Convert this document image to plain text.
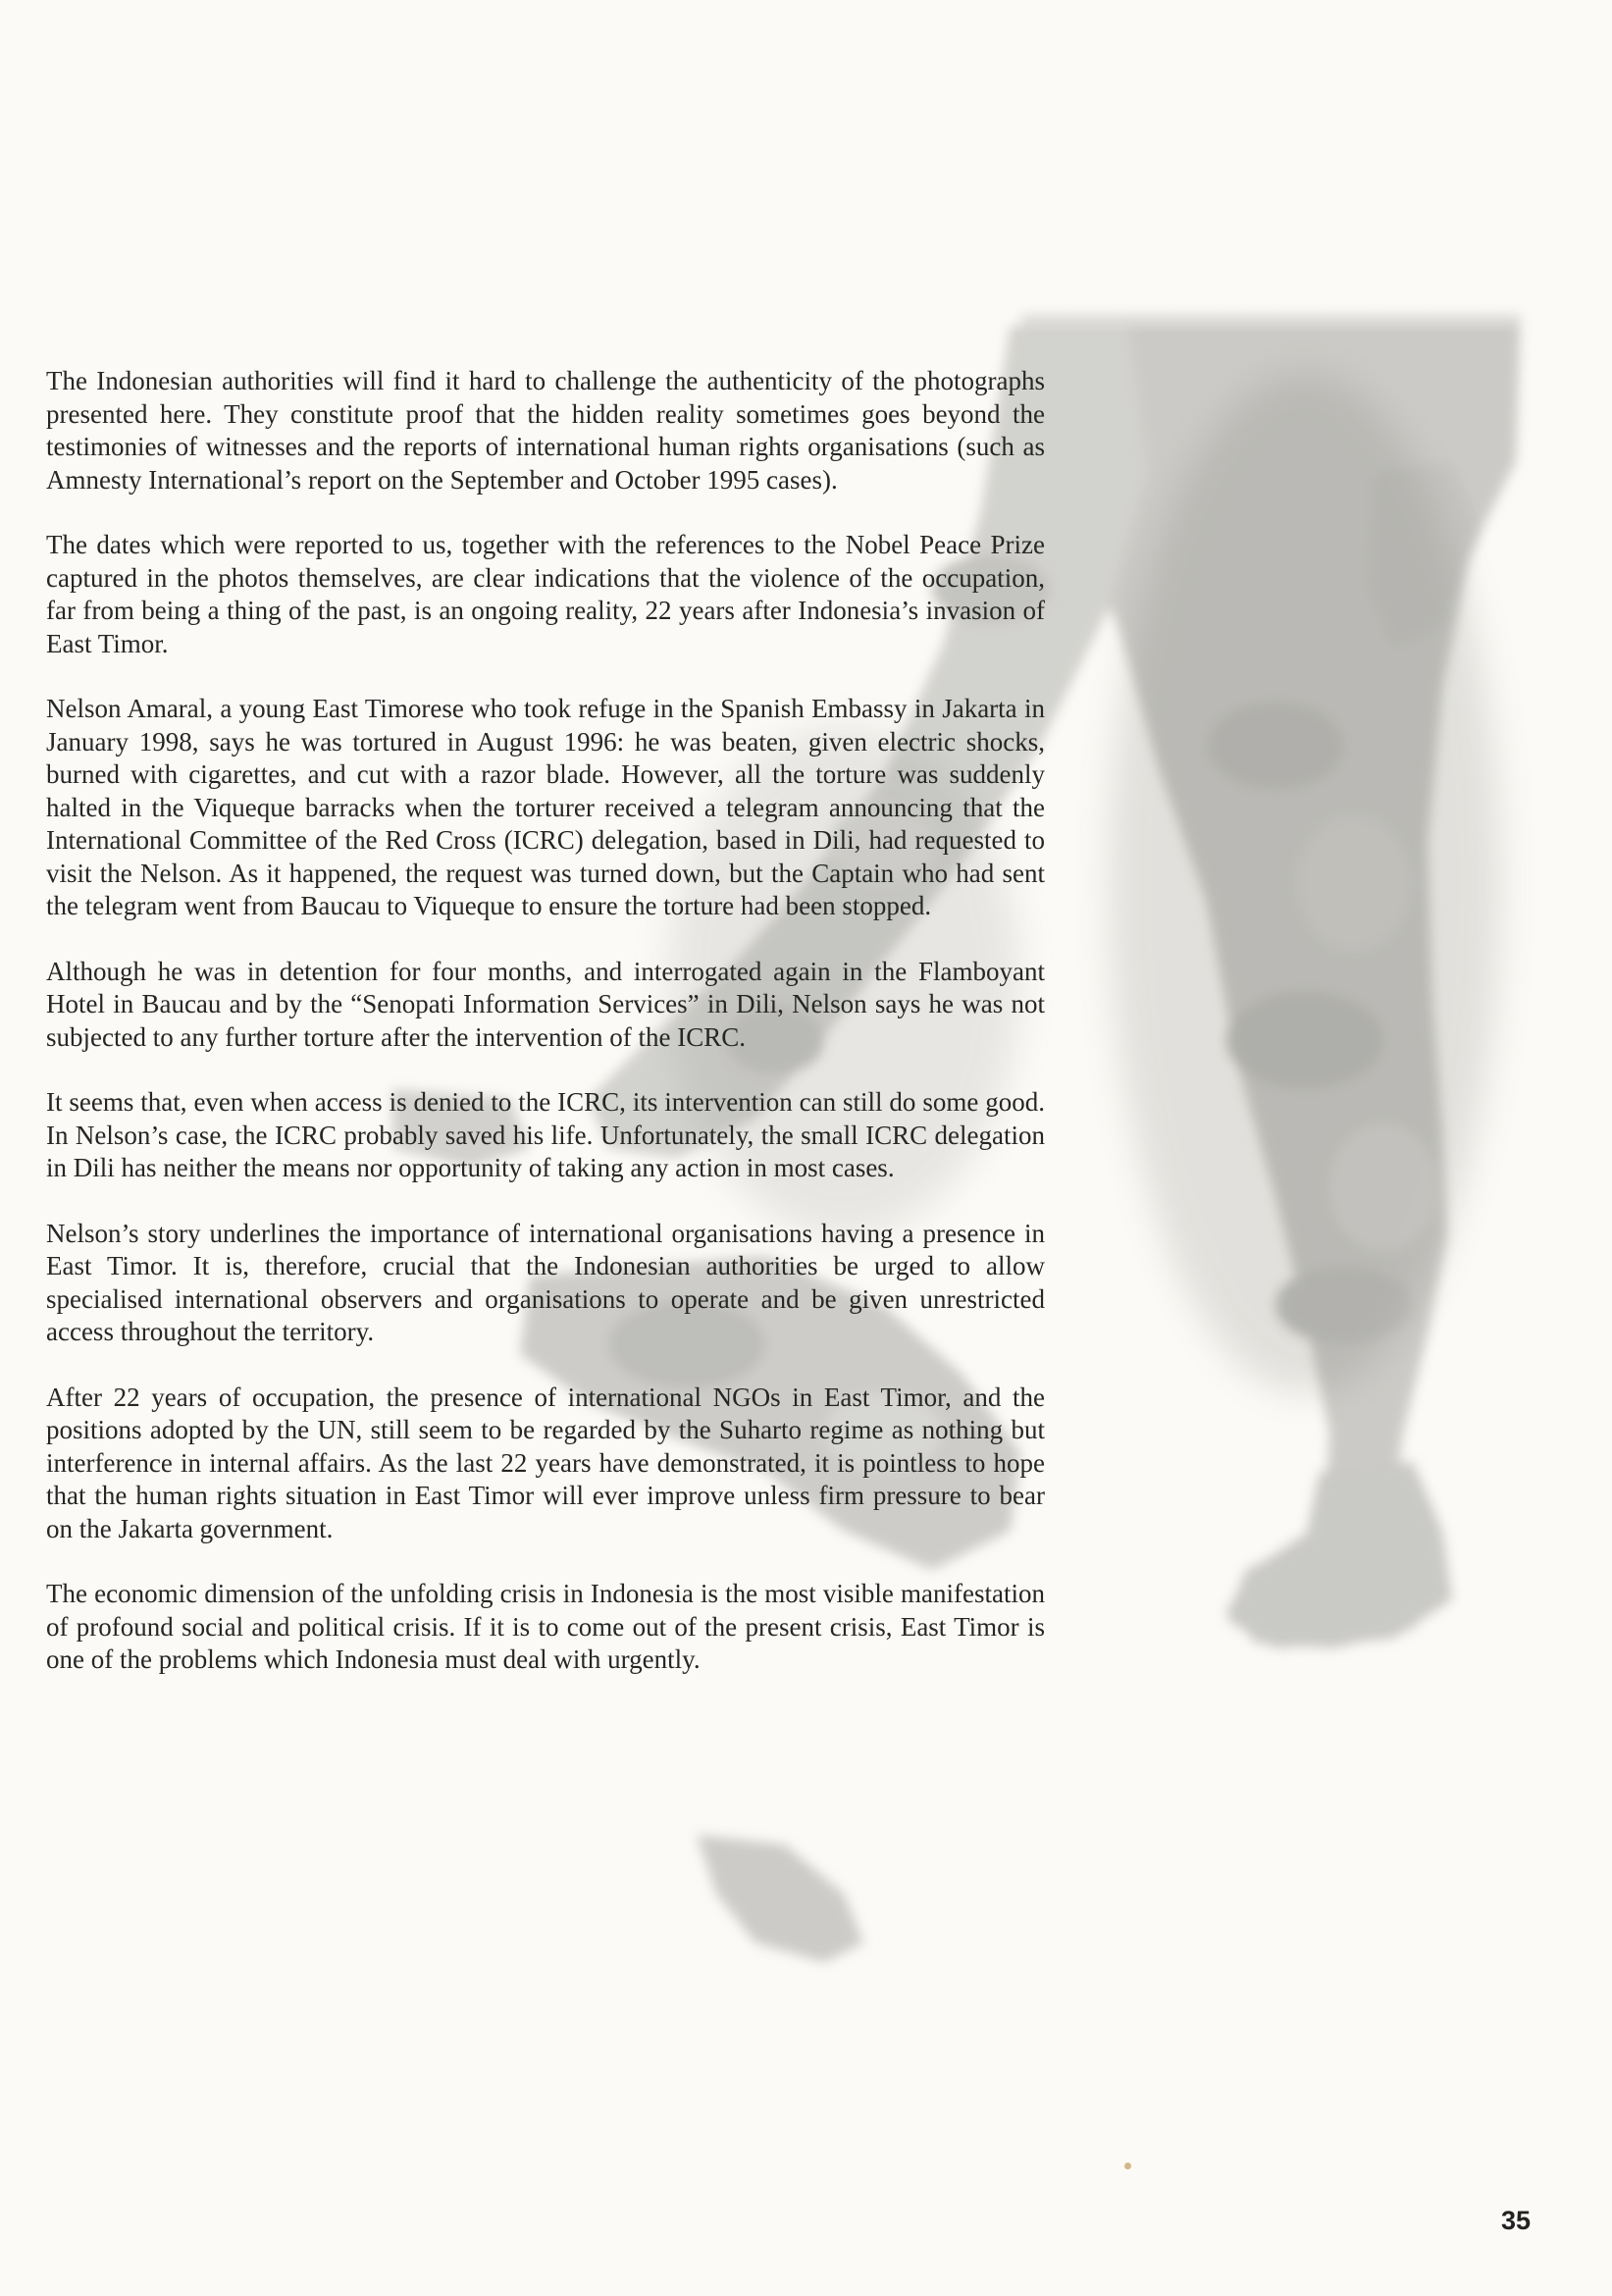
The Indonesian authorities will find it hard to challenge the authenticity of the photographs presented here. They constitute proof that the hidden reality sometimes goes beyond the testimonies of witnesses and the reports of international human rights organisations (such as Amnesty International’s report on the September and October 1995 cases).

The dates which were reported to us, together with the references to the Nobel Peace Prize captured in the photos themselves, are clear indications that the violence of the occupation, far from being a thing of the past, is an ongoing reality, 22 years after Indonesia’s invasion of East Timor.

Nelson Amaral, a young East Timorese who took refuge in the Spanish Embassy in Jakarta in January 1998, says he was tortured in August 1996: he was beaten, given electric shocks, burned with cigarettes, and cut with a razor blade. However, all the torture was suddenly halted in the Viqueque barracks when the torturer received a telegram announcing that the International Committee of the Red Cross (ICRC) delegation, based in Dili, had requested to visit the Nelson. As it happened, the request was turned down, but the Captain who had sent the telegram went from Baucau to Viqueque to ensure the torture had been stopped.

Although he was in detention for four months, and interrogated again in the Flamboyant Hotel in Baucau and by the “Senopati Information Services” in Dili, Nelson says he was not subjected to any further torture after the intervention of the ICRC.

It seems that, even when access is denied to the ICRC, its intervention can still do some good. In Nelson’s case, the ICRC probably saved his life. Unfortunately, the small ICRC delegation in Dili has neither the means nor opportunity of taking any action in most cases.

Nelson’s story underlines the importance of international organisations having a presence in East Timor. It is, therefore, crucial that the Indonesian authorities be urged to allow specialised international observers and organisations to operate and be given unrestricted access throughout the territory.

After 22 years of occupation, the presence of international NGOs in East Timor, and the positions adopted by the UN, still seem to be regarded by the Suharto regime as nothing but interference in internal affairs. As the last 22 years have demonstrated, it is pointless to hope that the human rights situation in East Timor will ever improve unless firm pressure to bear on the Jakarta government.

The economic dimension of the unfolding crisis in Indonesia is the most visible manifestation of profound social and political crisis. If it is to come out of the present crisis, East Timor is one of the problems which Indonesia must deal with urgently.

35
